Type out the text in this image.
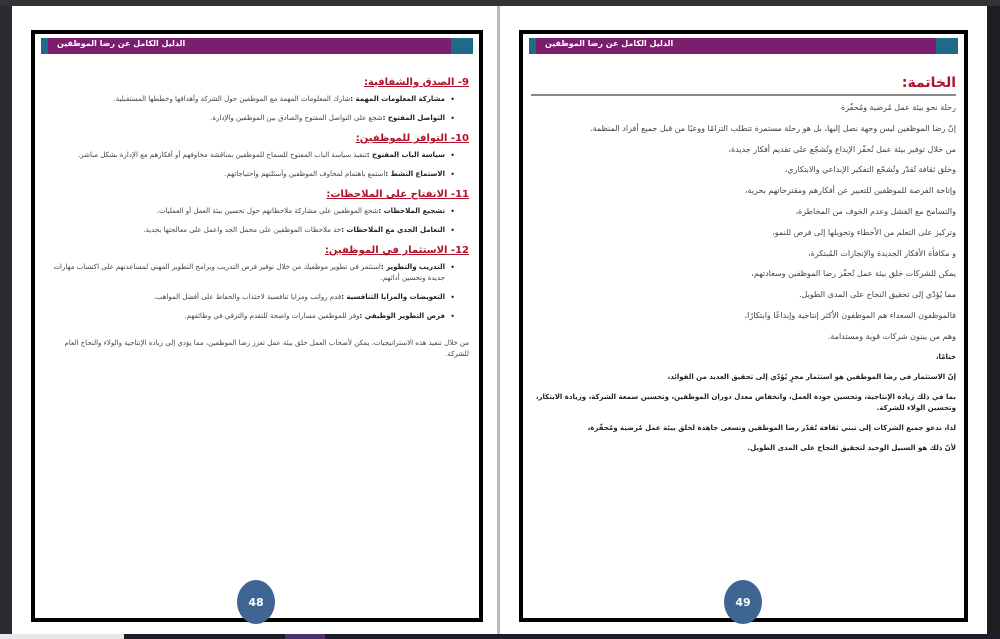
الدليل الكامل عن رضا الموظفين

9- الصدق والشفافية:

• مشاركة المعلومات المهمة :شارك المعلومات المهمة مع الموظفين حول الشركة وأهدافها وخططها المستقبلية.
• التواصل المفتوح :شجع على التواصل المفتوح والصادق بين الموظفين والإدارة.

10- التوافر للموظفين:

• سياسة الباب المفتوح :تنفيذ سياسة الباب المفتوح للسماح للموظفين بمناقشة مخاوفهم أو أفكارهم مع الإدارة بشكل مباشر.
• الاستماع النشط :استمع باهتمام لمخاوف الموظفين وأسئلتهم واحتياجاتهم.

11- الانفتاح على الملاحظات:

• تشجيع الملاحظات :شجع الموظفين على مشاركة ملاحظاتهم حول تحسين بيئة العمل أو العمليات.
• التعامل الجدي مع الملاحظات :خذ ملاحظات الموظفين على محمل الجد واعمل على معالجتها بجدية.

12- الاستثمار في الموظفين:

• التدريب والتطوير :استثمر في تطوير موظفيك من خلال توفير فرص التدريب وبرامج التطوير المهني لمساعدتهم على اكتساب مهارات جديدة وتحسين أدائهم.
• التعويضات والمزايا التنافسية :قدم رواتب ومزايا تنافسية لاجتذاب والحفاظ على أفضل المواهب.
• فرص التطوير الوظيفي :وفر للموظفين مسارات واضحة للتقدم والترقي في وظائفهم.

من خلال تنفيذ هذه الاستراتيجيات، يمكن لأصحاب العمل خلق بيئة عمل تعزز رضا الموظفين، مما يؤدي إلى زيادة الإنتاجية والولاء والنجاح العام للشركة.

48
الدليل الكامل عن رضا الموظفين

الخاتمة:

رحلة نحو بيئة عمل مُرضية ومُحفّزة
إنّ رضا الموظفين ليس وجهة نصل إليها، بل هو رحلة مستمرة تتطلب التزامًا ووعيًا من قبل جميع أفراد المنظمة.
من خلال توفير بيئة عمل تُحفّز الإبداع وتُشجّع على تقديم أفكار جديدة،
وخلق ثقافة تُقدّر وتُشجّع التفكير الإبداعي والابتكاري،
وإتاحة الفرصة للموظفين للتعبير عن أفكارهم ومقترحاتهم بحرية،
والتسامح مع الفشل وعدم الخوف من المخاطرة،
وتركيز على التعلم من الأخطاء وتحويلها إلى فرص للنمو،
و مكافأة الأفكار الجديدة والإنجازات المُبتكرة،
يمكن للشركات خلق بيئة عمل تُحفّز رضا الموظفين وسعادتهم،
مما يُؤدّي إلى تحقيق النجاح على المدى الطويل.
فالموظفون السعداء هم الموظفون الأكثر إنتاجية وإبداعًا وابتكارًا،
وهم من يبنون شركات قوية ومستدامة.
ختامًا،
إنّ الاستثمار في رضا الموظفين هو استثمار مجزٍ يُؤدّي إلى تحقيق العديد من الفوائد،
بما في ذلك زيادة الإنتاجية، وتحسين جودة العمل، وانخفاض معدل دوران الموظفين، وتحسين سمعة الشركة، وزيادة الابتكار، وتحسين الولاء للشركة.
لذا، ندعو جميع الشركات إلى تبني ثقافة تُقدّر رضا الموظفين وتسعى جاهدة لخلق بيئة عمل مُرضية ومُحفّزة،
لأنّ ذلك هو السبيل الوحيد لتحقيق النجاح على المدى الطويل.
49
